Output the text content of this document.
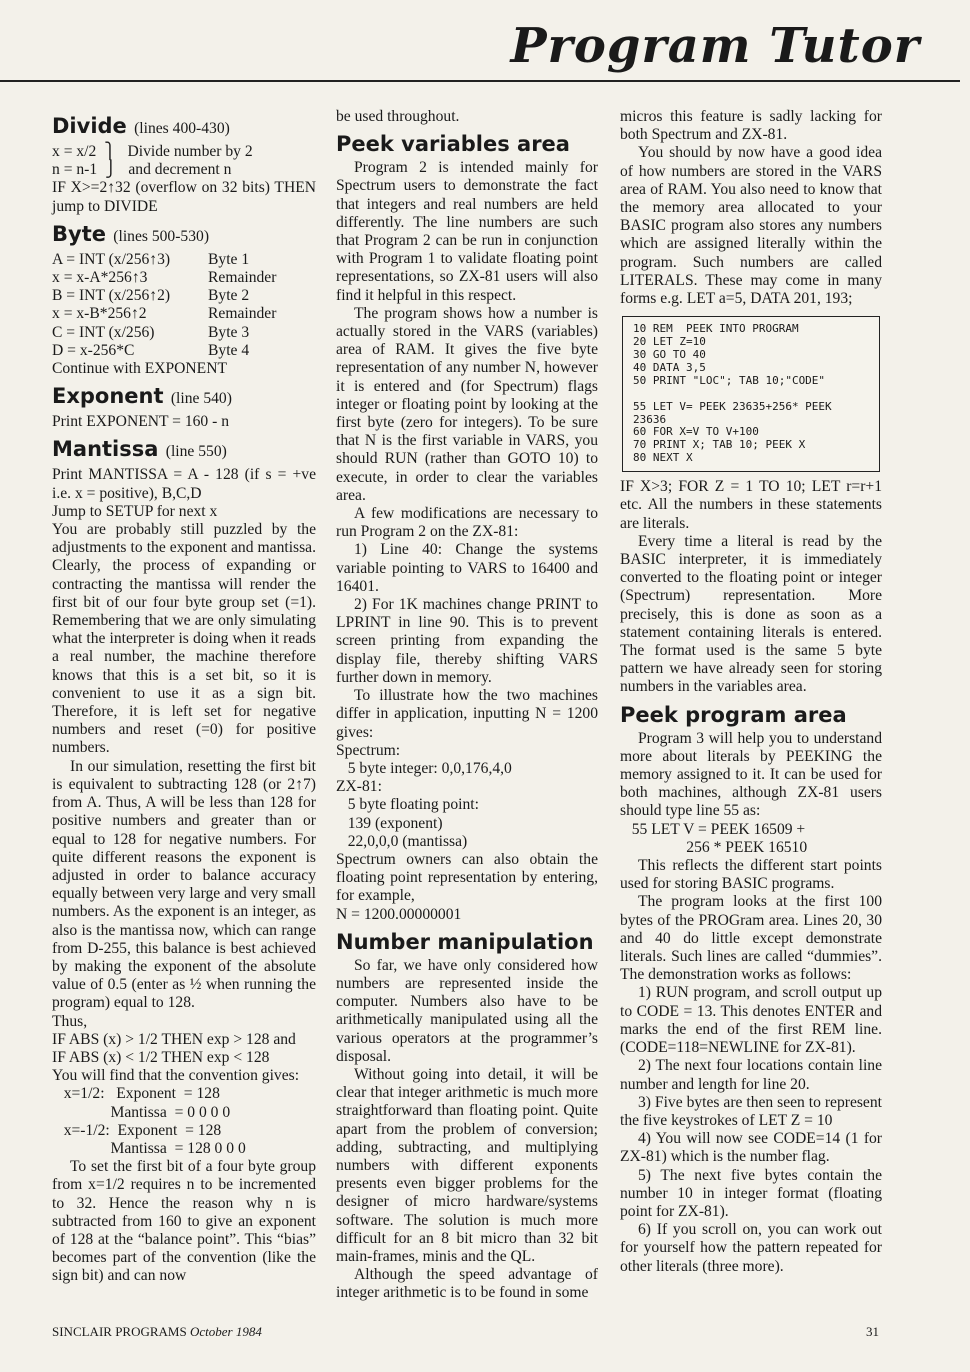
Program Tutor
Divide (lines 400-430)

x = x/2  ⎫   Divide number by 2

n = n-1  ⎭   and decrement n

IF X>=2↑32 (overflow on 32 bits) THEN jump to DIVIDE

Byte (lines 500-530)
A = INT (x/256↑3)	Byte 1
x = x-A*256↑3	Remainder
B = INT (x/256↑2)	Byte 2
x = x-B*256↑2	Remainder
C = INT (x/256)	Byte 3
D = x-256*C	Byte 4

Continue with EXPONENT

Exponent (line 540)

Print EXPONENT = 160 - n

Mantissa (line 550)

Print MANTISSA = A - 128 (if s = +ve i.e. x = positive), B,C,D

Jump to SETUP for next x

You are probably still puzzled by the adjustments to the exponent and mantissa. Clearly, the process of expanding or contracting the mantissa will render the first bit of our four byte group set (=1). Remembering that we are only simulating what the interpreter is doing when it reads a real number, the machine therefore knows that this is a set bit, so it is convenient to use it as a sign bit. Therefore, it is left set for negative numbers and reset (=0) for positive numbers.

In our simulation, resetting the first bit is equivalent to subtracting 128 (or 2↑7) from A. Thus, A will be less than 128 for positive numbers and greater than or equal to 128 for negative numbers. For quite different reasons the exponent is adjusted in order to balance accuracy equally between very large and very small numbers. As the exponent is an integer, as also is the mantissa now, which can range from D-255, this balance is best achieved by making the exponent of the absolute value of 0.5 (enter as ½ when running the program) equal to 128.

Thus,

IF ABS (x) > 1/2 THEN exp > 128 and

IF ABS (x) < 1/2 THEN exp < 128

You will find that the convention gives:

x=1/2:   Exponent  = 128

Mantissa  = 0 0 0 0

x=-1/2:  Exponent  = 128

Mantissa  = 128 0 0 0

To set the first bit of a four byte group from x=1/2 requires n to be incremented to 32. Hence the reason why n is subtracted from 160 to give an exponent of 128 at the “balance point”. This “bias” becomes part of the convention (like the sign bit) and can now

be used throughout.

Peek variables area

Program 2 is intended mainly for Spectrum users to demonstrate the fact that integers and real numbers are held differently. The line numbers are such that Program 2 can be run in conjunction with Program 1 to validate floating point representations, so ZX-81 users will also find it helpful in this respect.

The program shows how a number is actually stored in the VARS (variables) area of RAM. It gives the five byte representation of any number N, however it is entered and (for Spectrum) flags integer or floating point by looking at the first byte (zero for integers). To be sure that N is the first variable in VARS, you should RUN (rather than GOTO 10) to execute, in order to clear the variables area.

A few modifications are necessary to run Program 2 on the ZX-81:

1) Line 40: Change the systems variable pointing to VARS to 16400 and 16401.

2) For 1K machines change PRINT to LPRINT in line 90. This is to prevent screen printing from expanding the display file, thereby shifting VARS further down in memory.

To illustrate how the two machines differ in application, inputting N = 1200 gives:

Spectrum:

5 byte integer: 0,0,176,4,0

ZX-81:

5 byte floating point:

139 (exponent)

22,0,0,0 (mantissa)

Spectrum owners can also obtain the floating point representation by entering, for example,

N = 1200.00000001

Number manipulation

So far, we have only considered how numbers are represented inside the computer. Numbers also have to be arithmetically manipulated using all the various operators at the programmer’s disposal.

Without going into detail, it will be clear that integer arithmetic is much more straightforward than floating point. Quite apart from the problem of conversion; adding, subtracting, and multiplying numbers with different exponents presents even bigger problems for the designer of micro hardware/systems software. The solution is much more difficult for an 8 bit micro than 32 bit main-frames, minis and the QL.

Although the speed advantage of integer arithmetic is to be found in some

micros this feature is sadly lacking for both Spectrum and ZX-81.

You should by now have a good idea of how numbers are stored in the VARS area of RAM. You also need to know that the memory area allocated to your BASIC program also stores any numbers which are assigned literally within the program. Such numbers are called LITERALS. These may come in many forms e.g. LET a=5, DATA 201, 193;

10 REM  PEEK INTO PROGRAM
20 LET Z=10
30 GO TO 40
40 DATA 3,5
50 PRINT "LOC"; TAB 10;"CODE"

55 LET V= PEEK 23635+256* PEEK
23636
60 FOR X=V TO V+100
70 PRINT X; TAB 10; PEEK X
80 NEXT X

IF X>3; FOR Z = 1 TO 10; LET r=r+1 etc. All the numbers in these statements are literals.

Every time a literal is read by the BASIC interpreter, it is immediately converted to the floating point or integer (Spectrum) representation. More precisely, this is done as soon as a statement containing literals is entered. The format used is the same 5 byte pattern we have already seen for storing numbers in the variables area.

Peek program area

Program 3 will help you to understand more about literals by PEEKING the memory assigned to it. It can be used for both machines, although ZX-81 users should type line 55 as:

55 LET V = PEEK 16509 +

256 * PEEK 16510

This reflects the different start points used for storing BASIC programs.

The program looks at the first 100 bytes of the PROGram area. Lines 20, 30 and 40 do little except demonstrate literals. Such lines are called “dummies”. The demonstration works as follows:

1) RUN program, and scroll output up to CODE = 13. This denotes ENTER and marks the end of the first REM line. (CODE=118=NEWLINE for ZX-81).

2) The next four locations contain line number and length for line 20.

3) Five bytes are then seen to represent the five keystrokes of LET Z = 10

4) You will now see CODE=14 (1 for ZX-81) which is the number flag.

5) The next five bytes contain the number 10 in integer format (floating point for ZX-81).

6) If you scroll on, you can work out for yourself how the pattern repeated for other literals (three more).

SINCLAIR PROGRAMS October 1984	31
